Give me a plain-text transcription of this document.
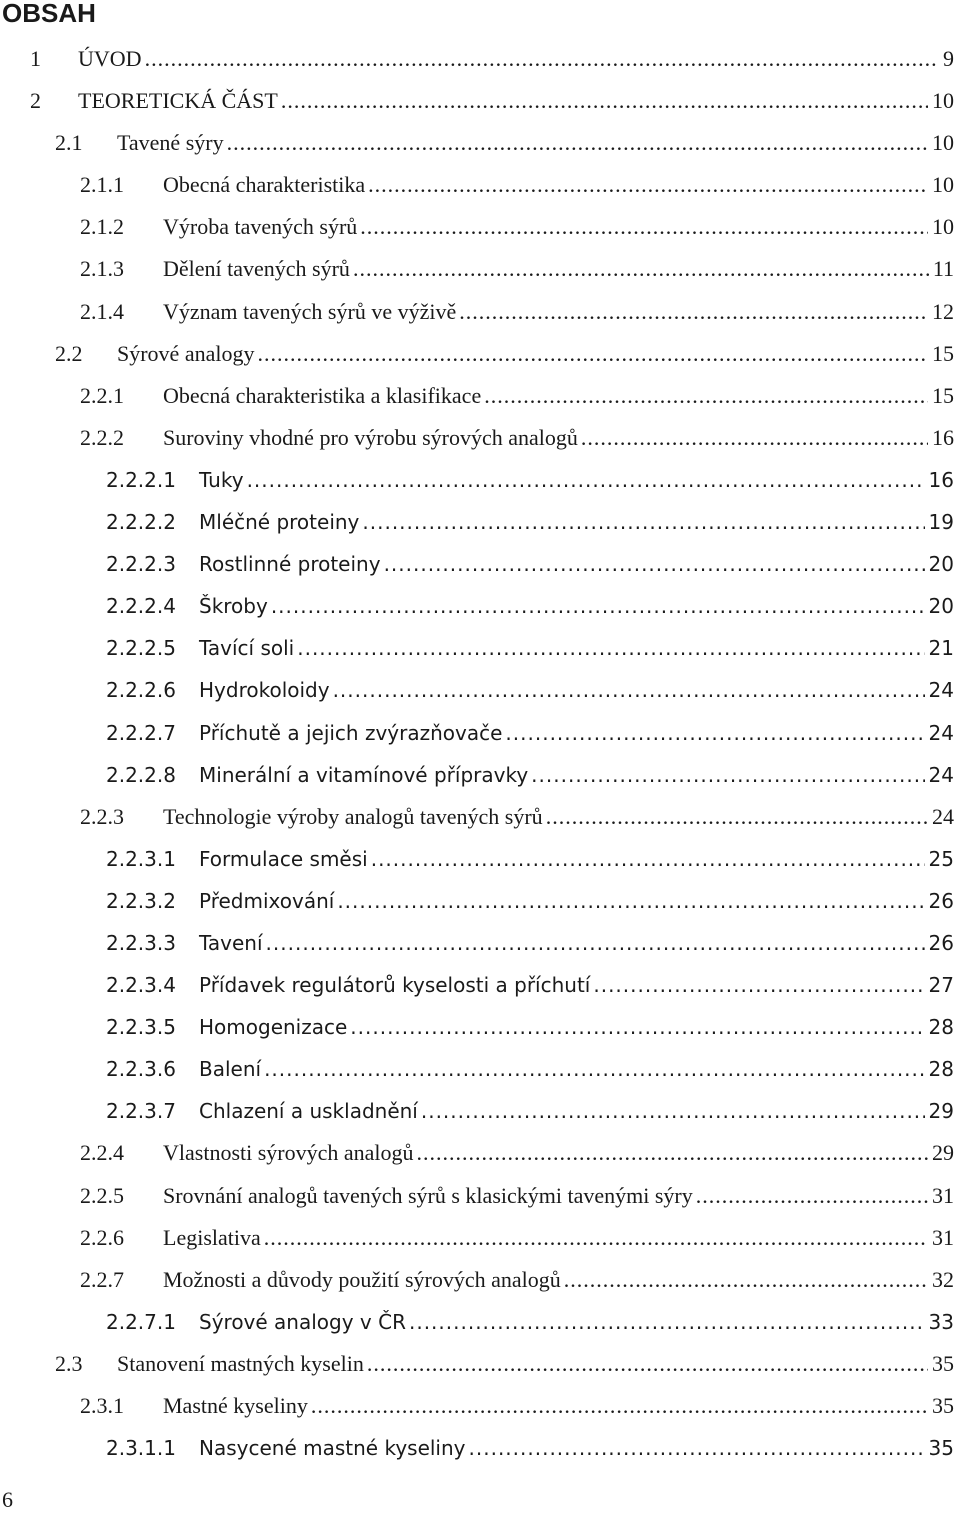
OBSAH
1 ÚVOD .....	9
2 TEORETICKÁ ČÁST .....	10
2.1 Tavené sýry .....	10
2.1.1 Obecná charakteristika .....	10
2.1.2 Výroba tavených sýrů .....	10
2.1.3 Dělení tavených sýrů .....	11
2.1.4 Význam tavených sýrů ve výživě .....	12
2.2 Sýrové analogy .....	15
2.2.1 Obecná charakteristika a klasifikace .....	15
2.2.2 Suroviny vhodné pro výrobu sýrových analogů .....	16
2.2.2.1 Tuky .....	16
2.2.2.2 Mléčné proteiny .....	19
2.2.2.3 Rostlinné proteiny .....	20
2.2.2.4 Škroby .....	20
2.2.2.5 Tavící soli .....	21
2.2.2.6 Hydrokoloidy .....	24
2.2.2.7 Příchutě a jejich zvýrazňovače .....	24
2.2.2.8 Minerální a vitamínové přípravky .....	24
2.2.3 Technologie výroby analogů tavených sýrů .....	24
2.2.3.1 Formulace směsi .....	25
2.2.3.2 Předmixování .....	26
2.2.3.3 Tavení .....	26
2.2.3.4 Přídavek regulátorů kyselosti a příchutí .....	27
2.2.3.5 Homogenizace .....	28
2.2.3.6 Balení .....	28
2.2.3.7 Chlazení a uskladnění .....	29
2.2.4 Vlastnosti sýrových analogů .....	29
2.2.5 Srovnání analogů tavených sýrů s klasickými tavenými sýry .....	31
2.2.6 Legislativa .....	31
2.2.7 Možnosti a důvody použití sýrových analogů .....	32
2.2.7.1 Sýrové analogy v ČR .....	33
2.3 Stanovení mastných kyselin .....	35
2.3.1 Mastné kyseliny .....	35
2.3.1.1 Nasycené mastné kyseliny .....	35
6
